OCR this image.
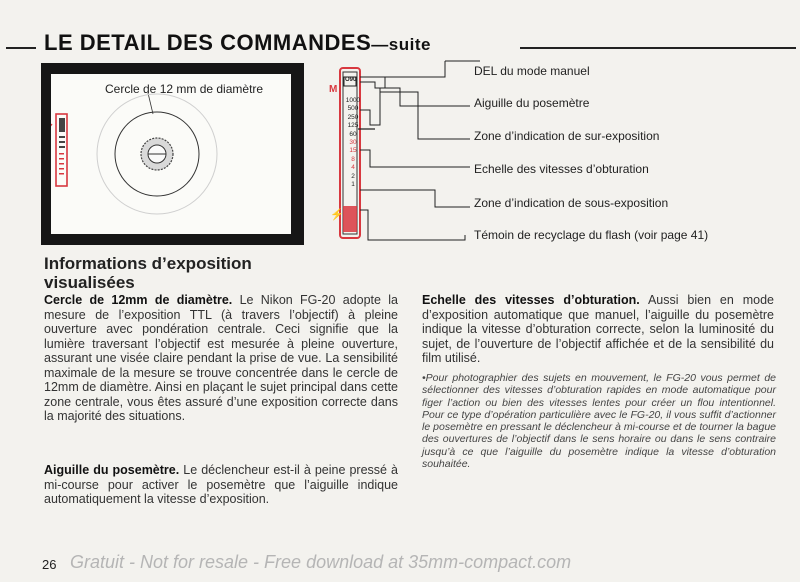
LE DETAIL DES COMMANDES—suite
Cercle de 12 mm de diamètre	M
O90
1000
500
250
125
60
30
15
8
4
2
1
⚡
DEL du mode manuel
Aiguille du posemètre
Zone d’indication de sur-exposition
Echelle des vitesses d’obturation
Zone d’indication de sous-exposition
Témoin de recyclage du flash (voir page 41)
Informations d’exposition visualisées
Cercle de 12mm de diamètre. Le Nikon FG-20 adopte la mesure de l’exposition TTL (à travers l’objectif) à pleine ouverture avec pondération centrale. Ceci signifie que la lumière traversant l’objectif est mesurée à pleine ouverture, assurant une visée claire pendant la prise de vue. La sensibilité maximale de la mesure se trouve concentrée dans le cercle de 12mm de diamètre. Ainsi en plaçant le sujet principal dans cette zone centrale, vous êtes assuré d’une exposition correcte dans la majorité des situations.
Aiguille du posemètre. Le déclencheur est-il à peine pressé à mi-course pour activer le posemètre que l’aiguille indique automatiquement la vitesse d’exposition.
Echelle des vitesses d’obturation. Aussi bien en mode d’exposition automatique que manuel, l’aiguille du posemètre indique la vitesse d’obturation correcte, selon la luminosité du sujet, de l’ouverture de l’objectif affichée et de la sensibilité du film utilisé.
•Pour photographier des sujets en mouvement, le FG-20 vous permet de sélectionner des vitesses d’obturation rapides en mode automatique pour figer l’action ou bien des vitesses lentes pour créer un flou intentionnel. Pour ce type d’opération particulière avec le FG-20, il vous suffit d’actionner le posemètre en pressant le déclencheur à mi-course et de tourner la bague des ouvertures de l’objectif dans le sens horaire ou dans le sens contraire jusqu’à ce que l’aiguille du posemètre indique la vitesse d’obturation souhaitée.
26 Gratuit - Not for resale - Free download at 35mm-compact.com
